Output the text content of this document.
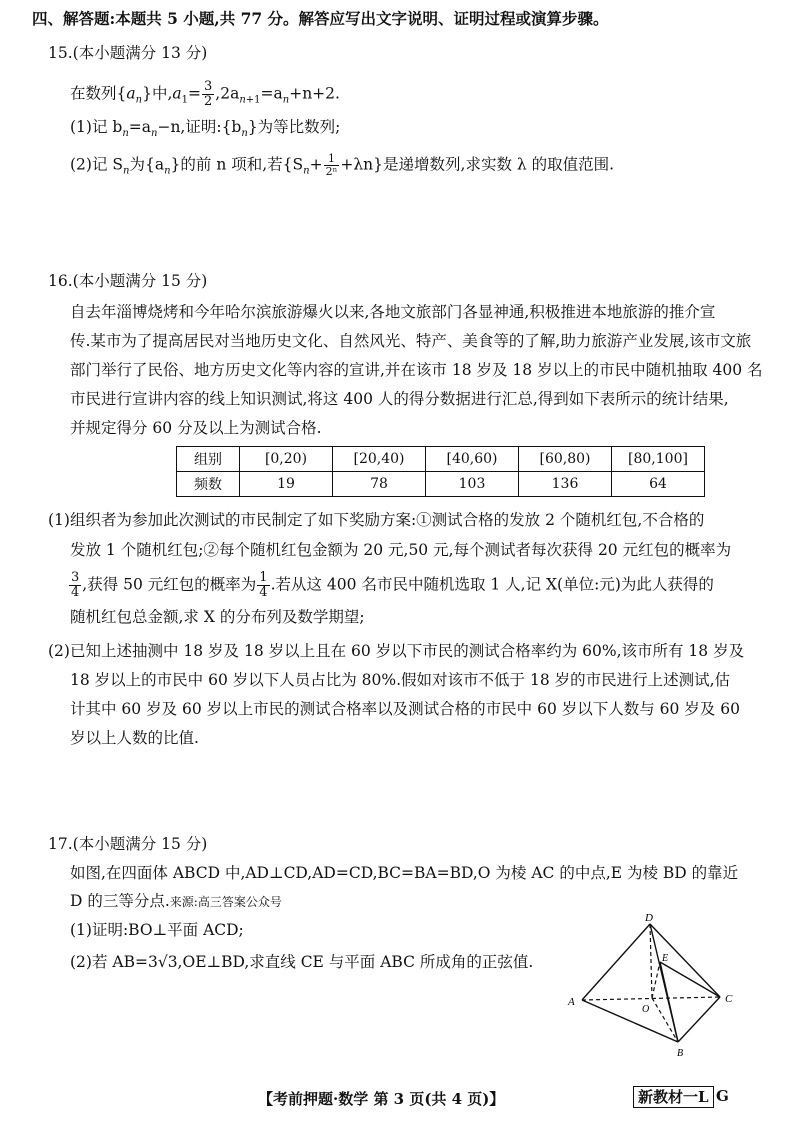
四、解答题:本题共 5 小题,共 77 分。解答应写出文字说明、证明过程或演算步骤。
15.(本小题满分 13 分)
在数列$\{a_n\}$中$,a_1= \frac{3}{2} ,2a_{n+1}=a_n+n+2$.
(1)记 $b_n=a_n-n$,证明$:\{b_n\}$为等比数列;
(2)记 $S_n$为$\{a_n\}$的前 n 项和,若$\{S_n+ \frac{1}{\text{2ⁿ}} +\lambda n\}$是递增数列,求实数 λ 的取值范围.
16.(本小题满分 15 分)
自去年淄博烧烤和今年哈尔滨旅游爆火以来,各地文旅部门各显神通,积极推进本地旅游的推介宣
传.某市为了提高居民对当地历史文化、自然风光、特产、美食等的了解,助力旅游产业发展,该市文旅
部门举行了民俗、地方历史文化等内容的宣讲,并在该市 18 岁及 18 岁以上的市民中随机抽取 400 名
市民进行宣讲内容的线上知识测试,将这 400 人的得分数据进行汇总,得到如下表所示的统计结果,
并规定得分 60 分及以上为测试合格.
组别	[0,20)	[20,40)	[40,60)	[60,80)	[80,100]
频数	19	78	103	136	64
(1)组织者为参加此次测试的市民制定了如下奖励方案:①测试合格的发放 2 个随机红包,不合格的
发放 1 个随机红包;②每个随机红包金额为 20 元,50 元,每个测试者每次获得 20 元红包的概率为
$\frac{3}{4}$ ,获得 50 元红包的概率为 $\frac{1}{4}$ .若从这 400 名市民中随机选取 1 人,记 X(单位:元)为此人获得的
随机红包总金额,求 X 的分布列及数学期望;
(2)已知上述抽测中 18 岁及 18 岁以上且在 60 岁以下市民的测试合格率约为 60%,该市所有 18 岁及
18 岁以上的市民中 60 岁以下人员占比为 80%.假如对该市不低于 18 岁的市民进行上述测试,估
计其中 60 岁及 60 岁以上市民的测试合格率以及测试合格的市民中 60 岁以下人数与 60 岁及 60
岁以上人数的比值.
17.(本小题满分 15 分)
如图,在四面体 ABCD 中,AD⊥CD,AD=CD,BC=BA=BD,O 为棱 AC 的中点,E 为棱 BD 的靠近
D 的三等分点.来源:高三答案公众号
(1)证明:BO⊥平面 ACD;
(2)若 AB=3√3,OE⊥BD,求直线 CE 与平面 ABC 所成角的正弦值.
D
E
A
O
C
B
【考前押题·数学 第 3 页(共 4 页)】	新教材一L G
